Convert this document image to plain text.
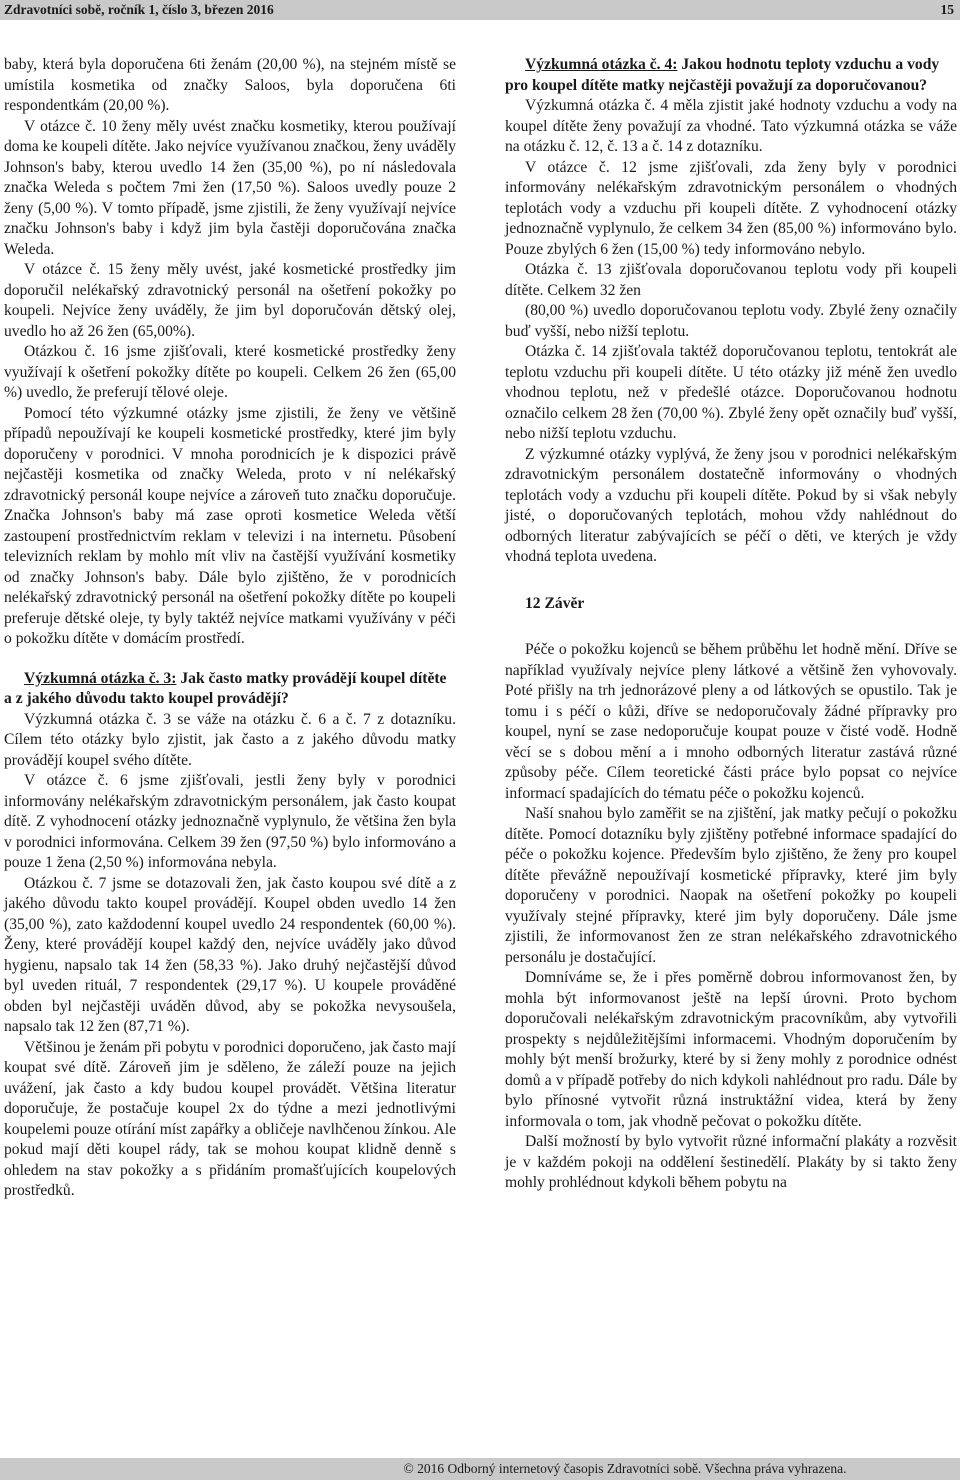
Zdravotníci sobě, ročník 1, číslo 3, březen 2016	15

baby, která byla doporučena 6ti ženám (20,00 %), na stejném místě se umístila kosmetika od značky Saloos, byla doporučena 6ti respondentkám (20,00 %).

V otázce č. 10 ženy měly uvést značku kosmetiky, kterou používají doma ke koupeli dítěte. Jako nejvíce využívanou značkou, ženy uváděly Johnson's baby, kterou uvedlo 14 žen (35,00 %), po ní následovala značka Weleda s počtem 7mi žen (17,50 %). Saloos uvedly pouze 2 ženy (5,00 %). V tomto případě, jsme zjistili, že ženy využívají nejvíce značku Johnson's baby i když jim byla častěji doporučována značka Weleda.

V otázce č. 15 ženy měly uvést, jaké kosmetické prostředky jim doporučil nelékařský zdravotnický personál na ošetření pokožky po koupeli. Nejvíce ženy uváděly, že jim byl doporučován dětský olej, uvedlo ho až 26 žen (65,00%).

Otázkou č. 16 jsme zjišťovali, které kosmetické prostředky ženy využívají k ošetření pokožky dítěte po koupeli. Celkem 26 žen (65,00 %) uvedlo, že preferují tělové oleje.

Pomocí této výzkumné otázky jsme zjistili, že ženy ve většině případů nepoužívají ke koupeli kosmetické prostředky, které jim byly doporučeny v porodnici. V mnoha porodnicích je k dispozici právě nejčastěji kosmetika od značky Weleda, proto v ní nelékařský zdravotnický personál koupe nejvíce a zároveň tuto značku doporučuje. Značka Johnson's baby má zase oproti kosmetice Weleda větší zastoupení prostřednictvím reklam v televizi i na internetu. Působení televizních reklam by mohlo mít vliv na častější využívání kosmetiky od značky Johnson's baby. Dále bylo zjištěno, že v porodnicích nelékařský zdravotnický personál na ošetření pokožky dítěte po koupeli preferuje dětské oleje, ty byly taktéž nejvíce matkami využívány v péči o pokožku dítěte v domácím prostředí.

Výzkumná otázka č. 3: Jak často matky provádějí koupel dítěte a z jakého důvodu takto koupel provádějí?

Výzkumná otázka č. 3 se váže na otázku č. 6 a č. 7 z dotazníku. Cílem této otázky bylo zjistit, jak často a z jakého důvodu matky provádějí koupel svého dítěte.

V otázce č. 6 jsme zjišťovali, jestli ženy byly v porodnici informovány nelékařským zdravotnickým personálem, jak často koupat dítě. Z vyhodnocení otázky jednoznačně vyplynulo, že většina žen byla v porodnici informována. Celkem 39 žen (97,50 %) bylo informováno a pouze 1 žena (2,50 %) informována nebyla.

Otázkou č. 7 jsme se dotazovali žen, jak často koupou své dítě a z jakého důvodu takto koupel provádějí. Koupel obden uvedlo 14 žen (35,00 %), zato každodenní koupel uvedlo 24 respondentek (60,00 %). Ženy, které provádějí koupel každý den, nejvíce uváděly jako důvod hygienu, napsalo tak 14 žen (58,33 %). Jako druhý nejčastější důvod byl uveden rituál, 7 respondentek (29,17 %). U koupele prováděné obden byl nejčastěji uváděn důvod, aby se pokožka nevysoušela, napsalo tak 12 žen (87,71 %).

Většinou je ženám při pobytu v porodnici doporučeno, jak často mají koupat své dítě. Zároveň jim je sděleno, že záleží pouze na jejich uvážení, jak často a kdy budou koupel provádět. Většina literatur doporučuje, že postačuje koupel 2x do týdne a mezi jednotlivými koupelemi pouze otírání míst zapářky a obličeje navlhčenou žínkou. Ale pokud mají děti koupel rády, tak se mohou koupat klidně denně s ohledem na stav pokožky a s přidáním promašťujících koupelových prostředků.

Výzkumná otázka č. 4: Jakou hodnotu teploty vzduchu a vody pro koupel dítěte matky nejčastěji považují za doporučovanou?

Výzkumná otázka č. 4 měla zjistit jaké hodnoty vzduchu a vody na koupel dítěte ženy považují za vhodné. Tato výzkumná otázka se váže na otázku č. 12, č. 13 a č. 14 z dotazníku.

V otázce č. 12 jsme zjišťovali, zda ženy byly v porodnici informovány nelékařským zdravotnickým personálem o vhodných teplotách vody a vzduchu při koupeli dítěte. Z vyhodnocení otázky jednoznačně vyplynulo, že celkem 34 žen (85,00 %) informováno bylo. Pouze zbylých 6 žen (15,00 %) tedy informováno nebylo.

Otázka č. 13 zjišťovala doporučovanou teplotu vody při koupeli dítěte. Celkem 32 žen

(80,00 %) uvedlo doporučovanou teplotu vody. Zbylé ženy označily buď vyšší, nebo nižší teplotu.

Otázka č. 14 zjišťovala taktéž doporučovanou teplotu, tentokrát ale teplotu vzduchu při koupeli dítěte. U této otázky již méně žen uvedlo vhodnou teplotu, než v předešlé otázce. Doporučovanou hodnotu označilo celkem 28 žen (70,00 %). Zbylé ženy opět označily buď vyšší, nebo nižší teplotu vzduchu.

Z výzkumné otázky vyplývá, že ženy jsou v porodnici nelékařským zdravotnickým personálem dostatečně informovány o vhodných teplotách vody a vzduchu při koupeli dítěte. Pokud by si však nebyly jisté, o doporučovaných teplotách, mohou vždy nahlédnout do odborných literatur zabývajících se péčí o děti, ve kterých je vždy vhodná teplota uvedena.

12 Závěr

Péče o pokožku kojenců se během průběhu let hodně mění. Dříve se například využívaly nejvíce pleny látkové a většině žen vyhovovaly. Poté přišly na trh jednorázové pleny a od látkových se opustilo. Tak je tomu i s péčí o kůži, dříve se nedoporučovaly žádné přípravky pro koupel, nyní se zase nedoporučuje koupat pouze v čisté vodě. Hodně věcí se s dobou mění a i mnoho odborných literatur zastává různé způsoby péče. Cílem teoretické části práce bylo popsat co nejvíce informací spadajících do tématu péče o pokožku kojenců.

Naší snahou bylo zaměřit se na zjištění, jak matky pečují o pokožku dítěte. Pomocí dotazníku byly zjištěny potřebné informace spadající do péče o pokožku kojence. Především bylo zjištěno, že ženy pro koupel dítěte převážně nepoužívají kosmetické přípravky, které jim byly doporučeny v porodnici. Naopak na ošetření pokožky po koupeli využívaly stejné přípravky, které jim byly doporučeny. Dále jsme zjistili, že informovanost žen ze stran nelékařského zdravotnického personálu je dostačující.

Domníváme se, že i přes poměrně dobrou informovanost žen, by mohla být informovanost ještě na lepší úrovni. Proto bychom doporučovali nelékařským zdravotnickým pracovníkům, aby vytvořili prospekty s nejdůležitějšími informacemi. Vhodným doporučením by mohly být menší brožurky, které by si ženy mohly z porodnice odnést domů a v případě potřeby do nich kdykoli nahlédnout pro radu. Dále by bylo přínosné vytvořit různá instruktážní videa, která by ženy informovala o tom, jak vhodně pečovat o pokožku dítěte.

Další možností by bylo vytvořit různé informační plakáty a rozvěsit je v každém pokoji na oddělení šestinedělí. Plakáty by si takto ženy mohly prohlédnout kdykoli během pobytu na

© 2016 Odborný internetový časopis Zdravotníci sobě. Všechna práva vyhrazena.
